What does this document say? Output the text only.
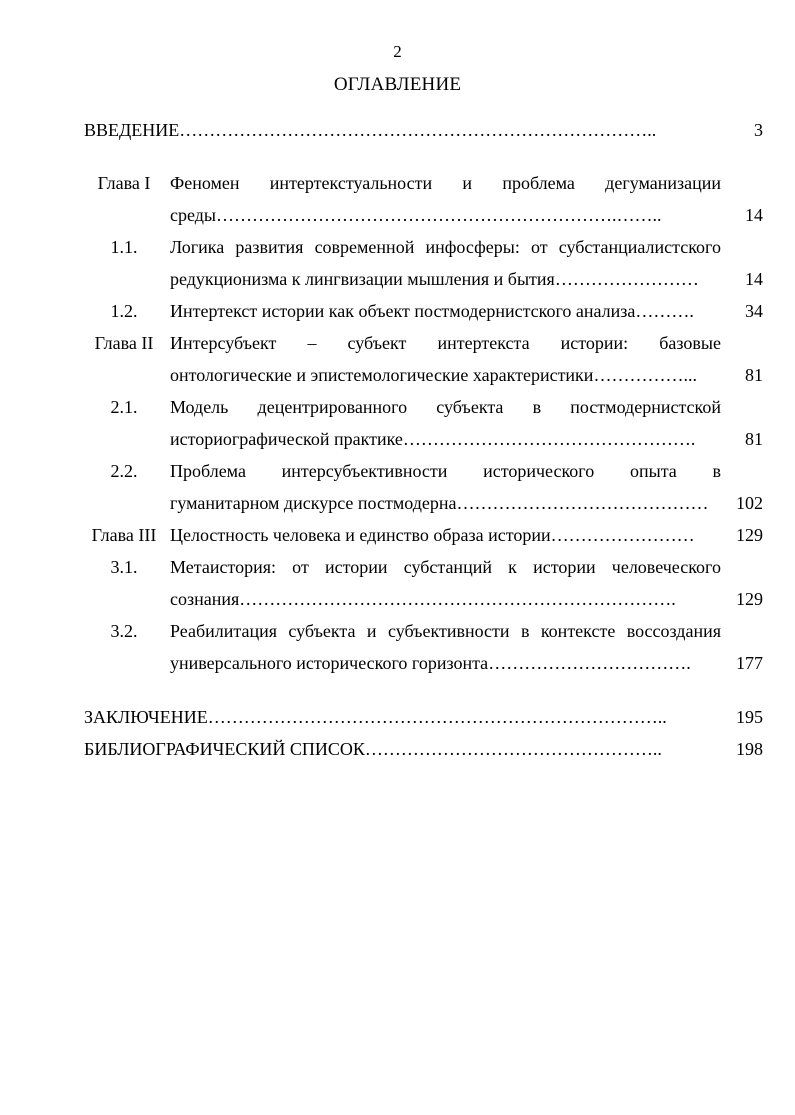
2
ОГЛАВЛЕНИЕ
ВВЕДЕНИЕ……………………………………………………………………..	3
Глава I	Феномен интертекстуальности и проблема дегуманизации
среды………………………………………………………….……..	14
1.1.	Логика развития современной инфосферы: от субстанциалистского
редукционизма к лингвизации мышления и бытия……………………	14
1.2.	Интертекст истории как объект постмодернистского анализа……….	34
Глава II Интерсубъект – субъект интертекста истории: базовые
онтологические и эпистемологические характеристики……………...	81
2.1.	Модель децентрированного субъекта в постмодернистской
историографической практике………………………………………….	81
2.2.	Проблема интерсубъективности исторического опыта в
гуманитарном дискурсе постмодерна……………………………………	102
Глава III Целостность человека и единство образа истории……………………	129
3.1.	Метаистория: от истории субстанций к истории человеческого
сознания……………………………………………………………….	129
3.2.	Реабилитация субъекта и субъективности в контексте воссоздания
универсального исторического горизонта…………………………….	177
ЗАКЛЮЧЕНИЕ…………………………………………………………………..	195
БИБЛИОГРАФИЧЕСКИЙ СПИСОК…………………………………………..	198
